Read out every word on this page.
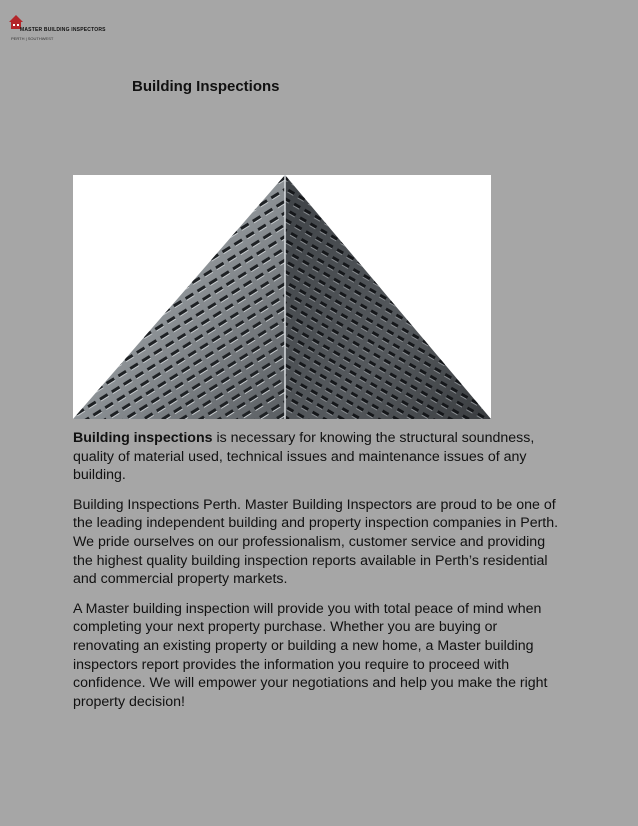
MASTER BUILDING INSPECTORS
PERTH | SOUTHWEST
Building Inspections

Building inspections is necessary for knowing the structural soundness, quality of material used, technical issues and maintenance issues of any building.

Building Inspections Perth. Master Building Inspectors are proud to be one of the leading independent building and property inspection companies in Perth. We pride ourselves on our professionalism, customer service and providing the highest quality building inspection reports available in Perth’s residential and commercial property markets.

A Master building inspection will provide you with total peace of mind when completing your next property purchase. Whether you are buying or renovating an existing property or building a new home, a Master building inspectors report provides the information you require to proceed with confidence. We will empower your negotiations and help you make the right property decision!
